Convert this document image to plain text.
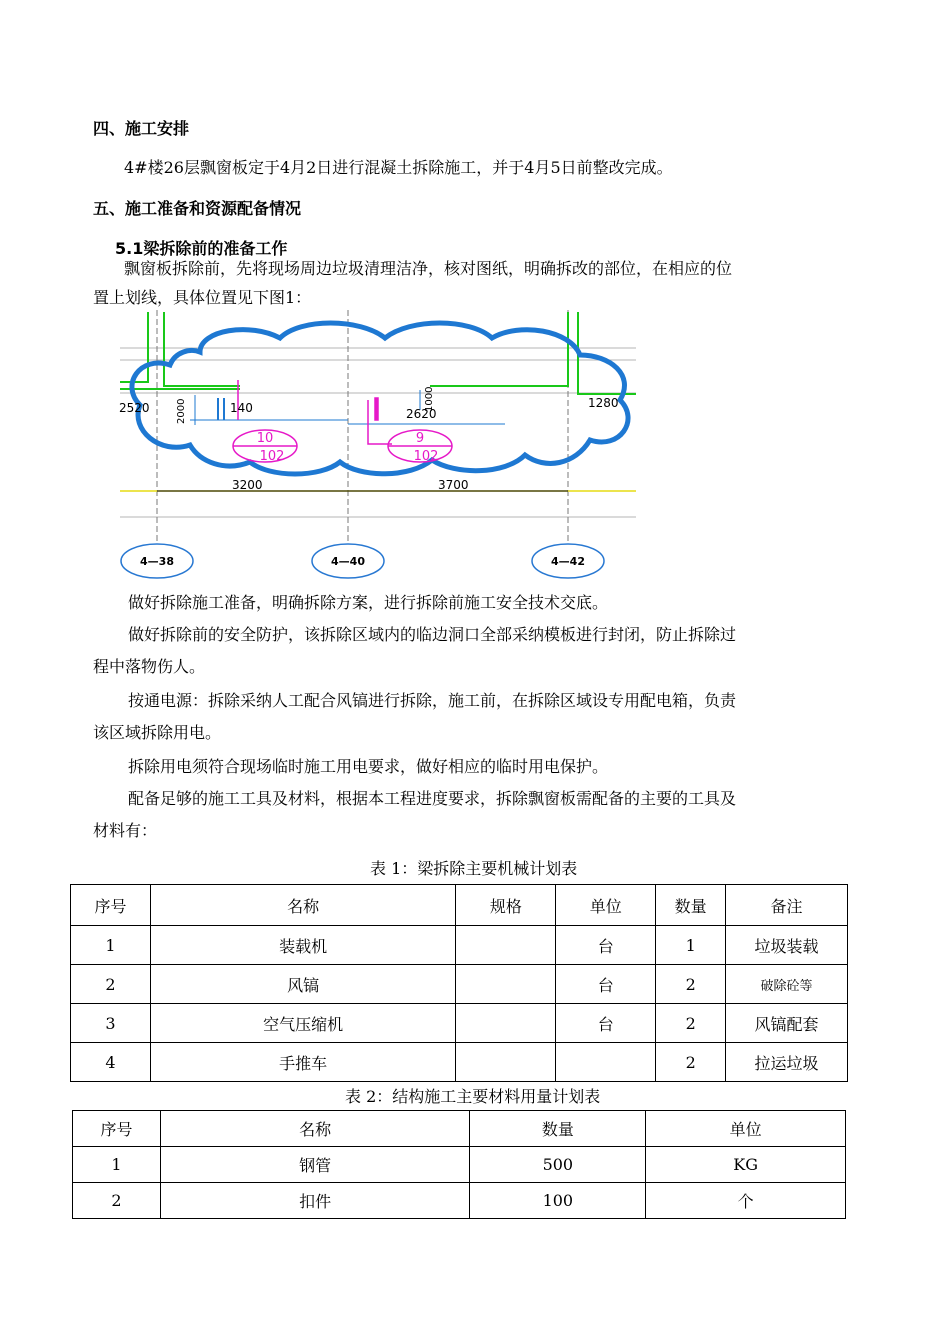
四、施工安排
4#楼26层飘窗板定于4月2日进行混凝土拆除施工，并于4月5日前整改完成。
五、施工准备和资源配备情况
5.1梁拆除前的准备工作
飘窗板拆除前，先将现场周边垃圾清理洁净，核对图纸，明确拆改的部位，在相应的位
置上划线，具体位置见下图1：
2520	140	2620
1280
3200	3700
2000	1000
10
102
9
102
4—38	4—40	4—42
做好拆除施工准备，明确拆除方案，进行拆除前施工安全技术交底。
做好拆除前的安全防护，该拆除区域内的临边洞口全部采纳模板进行封闭，防止拆除过
程中落物伤人。
按通电源：拆除采纳人工配合风镐进行拆除，施工前，在拆除区域设专用配电箱，负责
该区域拆除用电。
拆除用电须符合现场临时施工用电要求，做好相应的临时用电保护。
配备足够的施工工具及材料，根据本工程进度要求，拆除飘窗板需配备的主要的工具及
材料有：
表 1：梁拆除主要机械计划表
序号	名称	规格	单位	数量	备注
1	装载机		台	1	垃圾装载
2	风镐		台	2	破除砼等
3	空气压缩机		台	2	风镐配套
4	手推车			2	拉运垃圾
表 2：结构施工主要材料用量计划表
序号	名称	数量	单位
1	钢管	500	KG
2	扣件	100	个
